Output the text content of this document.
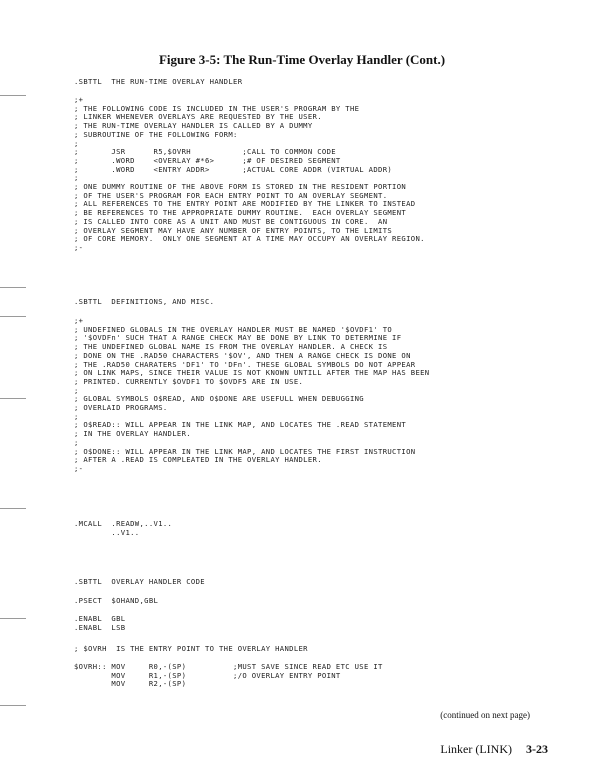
Figure 3-5: The Run-Time Overlay Handler (Cont.)
.SBTTL  THE RUN-TIME OVERLAY HANDLER
;+
; THE FOLLOWING CODE IS INCLUDED IN THE USER'S PROGRAM BY THE
; LINKER WHENEVER OVERLAYS ARE REQUESTED BY THE USER.
; THE RUN-TIME OVERLAY HANDLER IS CALLED BY A DUMMY
; SUBROUTINE OF THE FOLLOWING FORM:
;
;       JSR      R5,$OVRH           ;CALL TO COMMON CODE
;       .WORD    <OVERLAY #*6>      ;# OF DESIRED SEGMENT
;       .WORD    <ENTRY ADDR>       ;ACTUAL CORE ADDR (VIRTUAL ADDR)
;
; ONE DUMMY ROUTINE OF THE ABOVE FORM IS STORED IN THE RESIDENT PORTION
; OF THE USER'S PROGRAM FOR EACH ENTRY POINT TO AN OVERLAY SEGMENT.
; ALL REFERENCES TO THE ENTRY POINT ARE MODIFIED BY THE LINKER TO INSTEAD
; BE REFERENCES TO THE APPROPRIATE DUMMY ROUTINE.  EACH OVERLAY SEGMENT
; IS CALLED INTO CORE AS A UNIT AND MUST BE CONTIGUOUS IN CORE.  AN
; OVERLAY SEGMENT MAY HAVE ANY NUMBER OF ENTRY POINTS, TO THE LIMITS
; OF CORE MEMORY.  ONLY ONE SEGMENT AT A TIME MAY OCCUPY AN OVERLAY REGION.
;-
.SBTTL  DEFINITIONS, AND MISC.
;+
; UNDEFINED GLOBALS IN THE OVERLAY HANDLER MUST BE NAMED '$OVDF1' TO
; '$OVDFn' SUCH THAT A RANGE CHECK MAY BE DONE BY LINK TO DETERMINE IF
; THE UNDEFINED GLOBAL NAME IS FROM THE OVERLAY HANDLER. A CHECK IS
; DONE ON THE .RAD50 CHARACTERS '$OV', AND THEN A RANGE CHECK IS DONE ON
; THE .RAD50 CHARATERS 'DF1' TO 'DFn'. THESE GLOBAL SYMBOLS DO NOT APPEAR
; ON LINK MAPS, SINCE THEIR VALUE IS NOT KNOWN UNTILL AFTER THE MAP HAS BEEN
; PRINTED. CURRENTLY $OVDF1 TO $OVDF5 ARE IN USE.
;
; GLOBAL SYMBOLS O$READ, AND O$DONE ARE USEFULL WHEN DEBUGGING
; OVERLAID PROGRAMS.
;
; O$READ:: WILL APPEAR IN THE LINK MAP, AND LOCATES THE .READ STATEMENT
; IN THE OVERLAY HANDLER.
;
; O$DONE:: WILL APPEAR IN THE LINK MAP, AND LOCATES THE FIRST INSTRUCTION
; AFTER A .READ IS COMPLEATED IN THE OVERLAY HANDLER.
;-
.MCALL  .READW,..V1..
..V1..
.SBTTL  OVERLAY HANDLER CODE
.PSECT  $OHAND,GBL
.ENABL  GBL
.ENABL  LSB
; $OVRH  IS THE ENTRY POINT TO THE OVERLAY HANDLER
$OVRH:: MOV     R0,-(SP)          ;MUST SAVE SINCE READ ETC USE IT
MOV     R1,-(SP)          ;/O OVERLAY ENTRY POINT
MOV     R2,-(SP)
(continued on next page)
Linker (LINK) 3-23
